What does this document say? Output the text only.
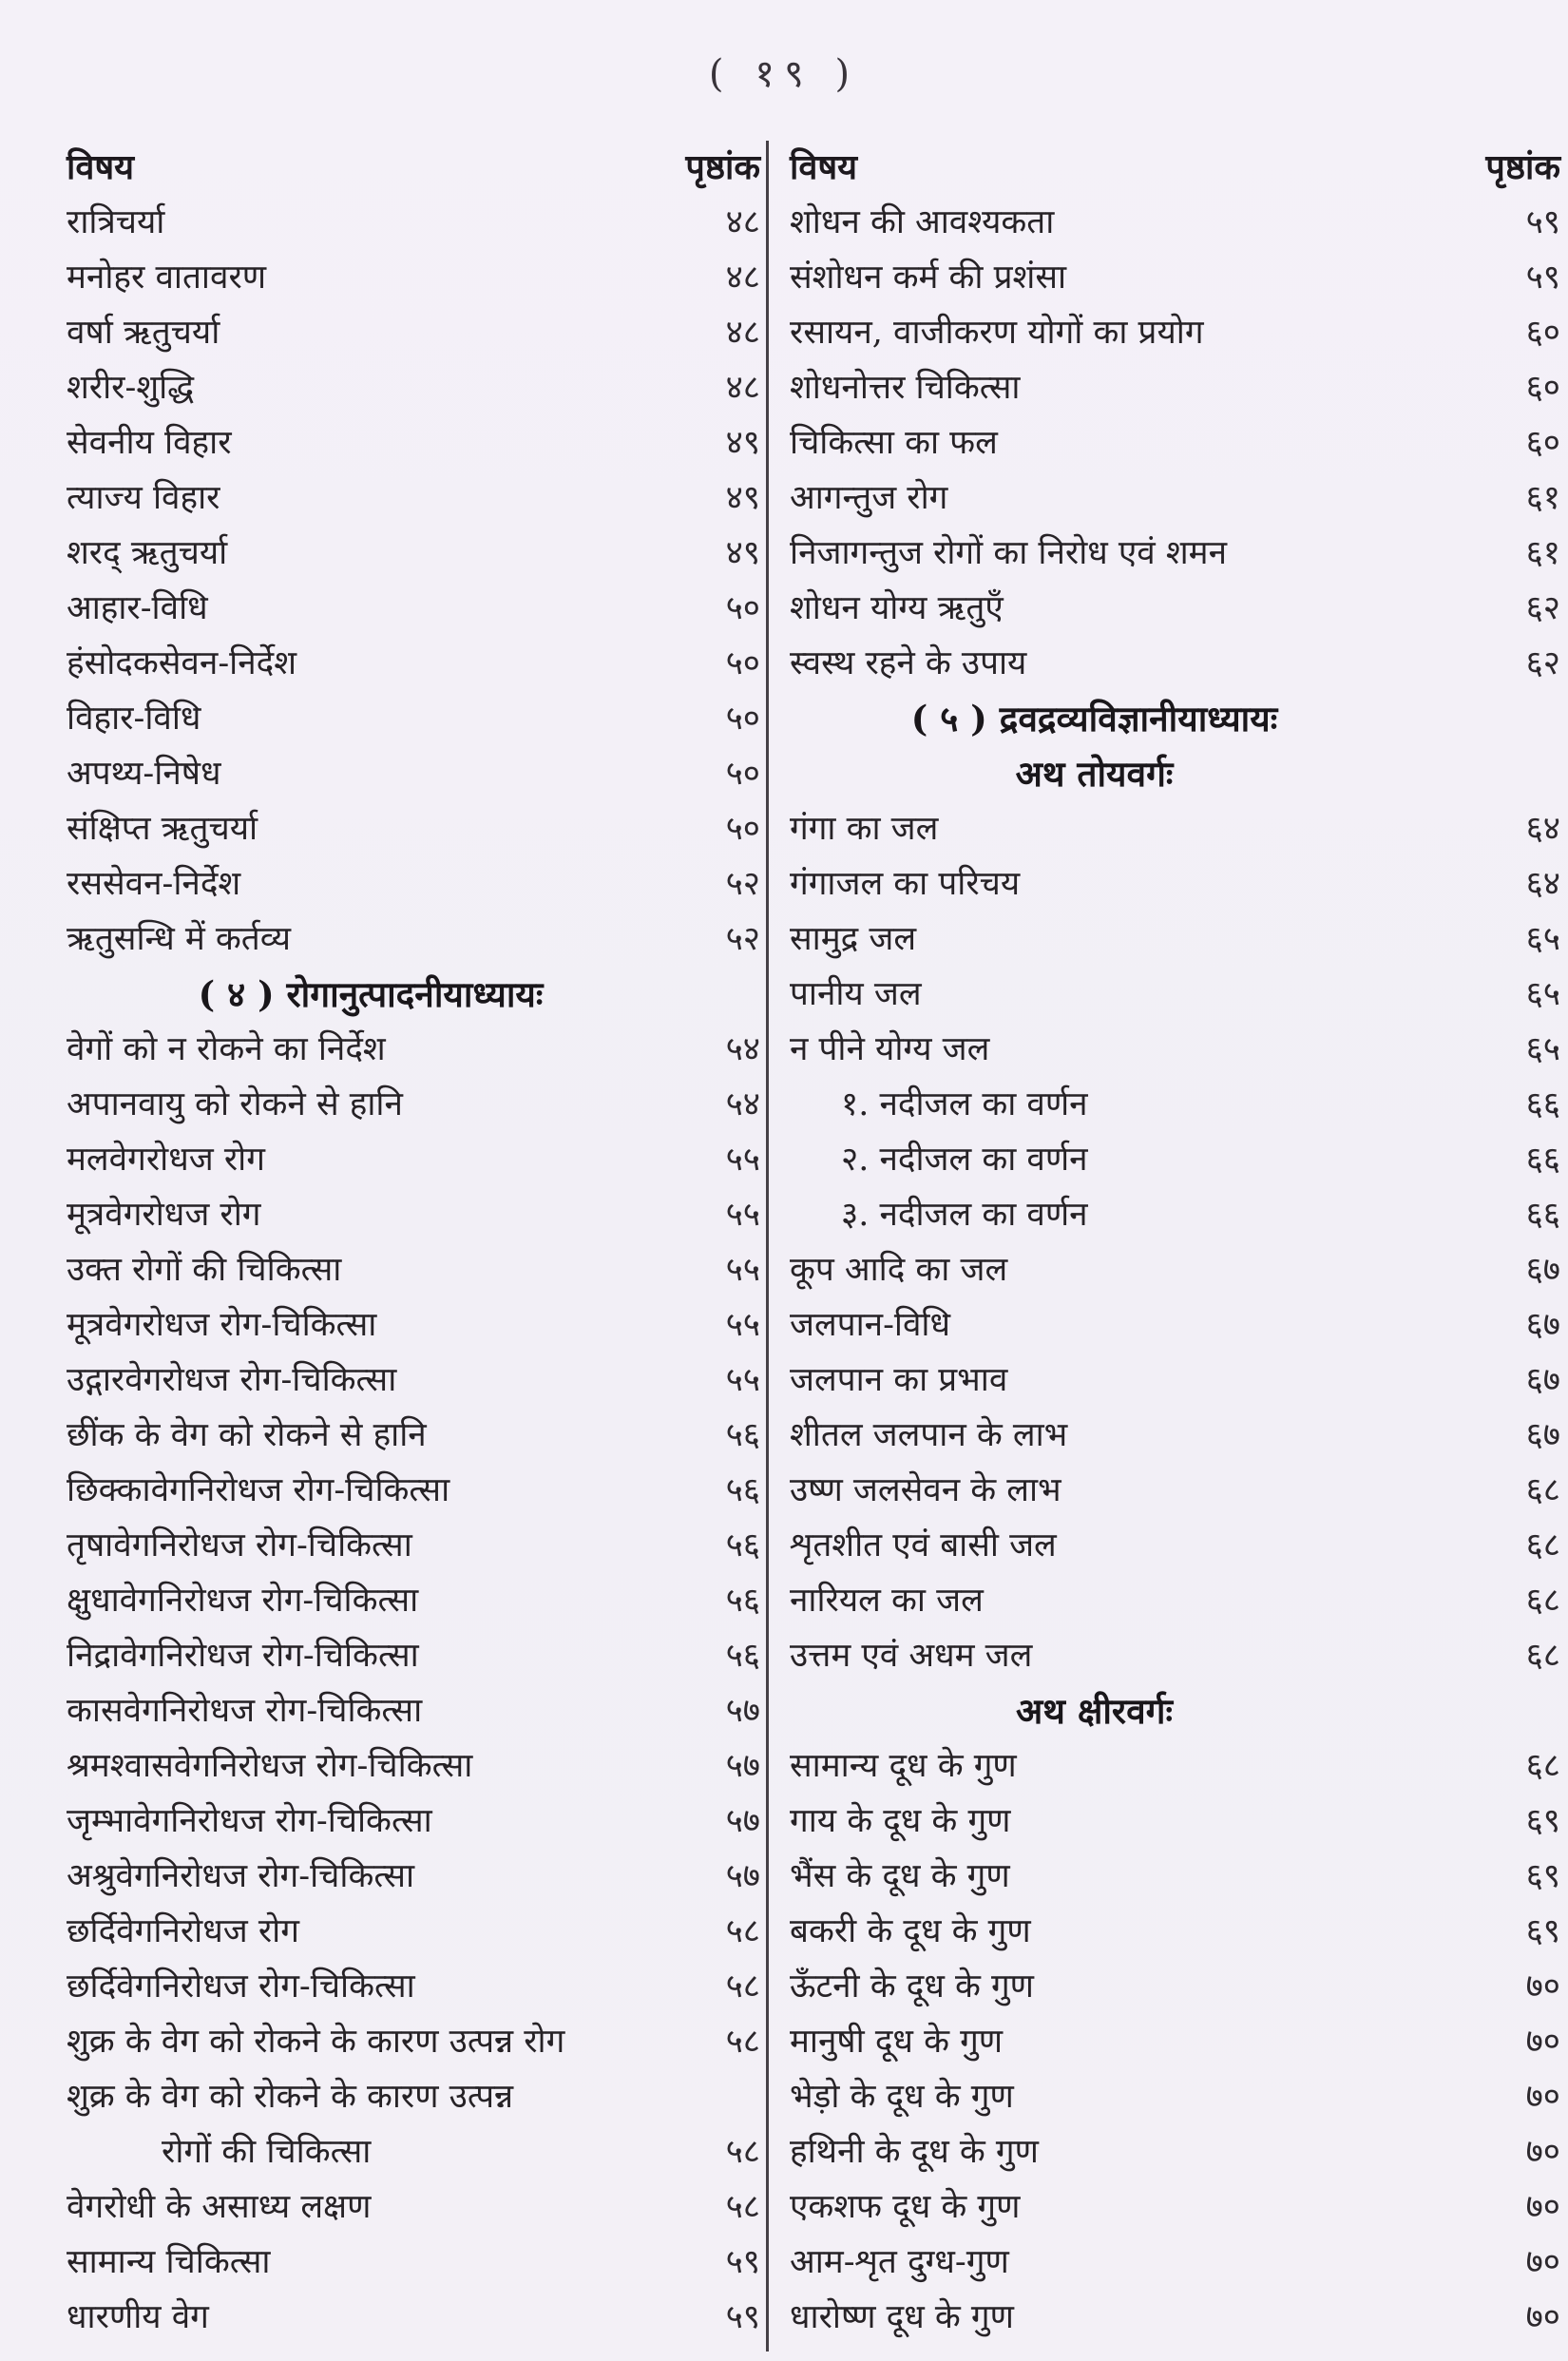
( १९ )
विषय	पृष्ठांक
रात्रिचर्या	४८
मनोहर वातावरण	४८
वर्षा ऋतुचर्या	४८
शरीर-शुद्धि	४८
सेवनीय विहार	४९
त्याज्य विहार	४९
शरद् ऋतुचर्या	४९
आहार-विधि	५०
हंसोदकसेवन-निर्देश	५०
विहार-विधि	५०
अपथ्य-निषेध	५०
संक्षिप्त ऋतुचर्या	५०
रससेवन-निर्देश	५२
ऋतुसन्धि में कर्तव्य	५२
( ४ ) रोगानुत्पादनीयाध्यायः
वेगों को न रोकने का निर्देश	५४
अपानवायु को रोकने से हानि	५४
मलवेगरोधज रोग	५५
मूत्रवेगरोधज रोग	५५
उक्त रोगों की चिकित्सा	५५
मूत्रवेगरोधज रोग-चिकित्सा	५५
उद्गारवेगरोधज रोग-चिकित्सा	५५
छींक के वेग को रोकने से हानि	५६
छिक्कावेगनिरोधज रोग-चिकित्सा	५६
तृषावेगनिरोधज रोग-चिकित्सा	५६
क्षुधावेगनिरोधज रोग-चिकित्सा	५६
निद्रावेगनिरोधज रोग-चिकित्सा	५६
कासवेगनिरोधज रोग-चिकित्सा	५७
श्रमश्वासवेगनिरोधज रोग-चिकित्सा	५७
जृम्भावेगनिरोधज रोग-चिकित्सा	५७
अश्रुवेगनिरोधज रोग-चिकित्सा	५७
छर्दिवेगनिरोधज रोग	५८
छर्दिवेगनिरोधज रोग-चिकित्सा	५८
शुक्र के वेग को रोकने के कारण उत्पन्न रोग	५८
शुक्र के वेग को रोकने के कारण उत्पन्न
रोगों की चिकित्सा	५८
वेगरोधी के असाध्य लक्षण	५८
सामान्य चिकित्सा	५९
धारणीय वेग	५९
विषय	पृष्ठांक
शोधन की आवश्यकता	५९
संशोधन कर्म की प्रशंसा	५९
रसायन, वाजीकरण योगों का प्रयोग	६०
शोधनोत्तर चिकित्सा	६०
चिकित्सा का फल	६०
आगन्तुज रोग	६१
निजागन्तुज रोगों का निरोध एवं शमन	६१
शोधन योग्य ऋतुएँ	६२
स्वस्थ रहने के उपाय	६२
( ५ ) द्रवद्रव्यविज्ञानीयाध्यायः
अथ तोयवर्गः
गंगा का जल	६४
गंगाजल का परिचय	६४
सामुद्र जल	६५
पानीय जल	६५
न पीने योग्य जल	६५
१. नदीजल का वर्णन	६६
२. नदीजल का वर्णन	६६
३. नदीजल का वर्णन	६६
कूप आदि का जल	६७
जलपान-विधि	६७
जलपान का प्रभाव	६७
शीतल जलपान के लाभ	६७
उष्ण जलसेवन के लाभ	६८
शृतशीत एवं बासी जल	६८
नारियल का जल	६८
उत्तम एवं अधम जल	६८
अथ क्षीरवर्गः
सामान्य दूध के गुण	६८
गाय के दूध के गुण	६९
भैंस के दूध के गुण	६९
बकरी के दूध के गुण	६९
ऊँटनी के दूध के गुण	७०
मानुषी दूध के गुण	७०
भेड़ो के दूध के गुण	७०
हथिनी के दूध के गुण	७०
एकशफ दूध के गुण	७०
आम-शृत दुग्ध-गुण	७०
धारोष्ण दूध के गुण	७०
